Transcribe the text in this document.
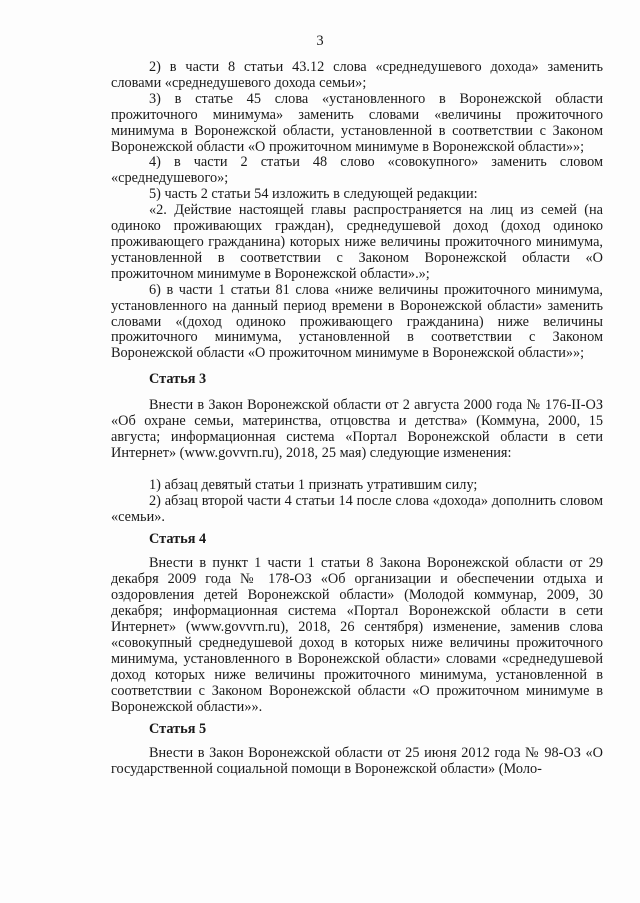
3

2) в части 8 статьи 43.12 слова «среднедушевого дохода» заменить словами «среднедушевого дохода семьи»;

3) в статье 45 слова «установленного в Воронежской области прожиточного минимума» заменить словами «величины прожиточного минимума в Воронежской области, установленной в соответствии с Законом Воронежской области «О прожиточном минимуме в Воронежской области»»;

4) в части 2 статьи 48 слово «совокупного» заменить словом «среднедушевого»;

5) часть 2 статьи 54 изложить в следующей редакции:

«2. Действие настоящей главы распространяется на лиц из семей (на одиноко проживающих граждан), среднедушевой доход (доход одиноко проживающего гражданина) которых ниже величины прожиточного минимума, установленной в соответствии с Законом Воронежской области «О прожиточном минимуме в Воронежской области».»;

6) в части 1 статьи 81 слова «ниже величины прожиточного минимума, установленного на данный период времени в Воронежской области» заменить словами «(доход одиноко проживающего гражданина) ниже величины прожиточного минимума, установленной в соответствии с Законом Воронежской области «О прожиточном минимуме в Воронежской области»»;

Статья 3

Внести в Закон Воронежской области от 2 августа 2000 года № 176-II-ОЗ «Об охране семьи, материнства, отцовства и детства» (Коммуна, 2000, 15 августа; информационная система «Портал Воронежской области в сети Интернет» (www.govvrn.ru), 2018, 25 мая) следующие изменения:

1) абзац девятый статьи 1 признать утратившим силу;

2) абзац второй части 4 статьи 14 после слова «дохода» дополнить словом «семьи».

Статья 4

Внести в пункт 1 части 1 статьи 8 Закона Воронежской области от 29 декабря 2009 года № 178-ОЗ «Об организации и обеспечении отдыха и оздоровления детей Воронежской области» (Молодой коммунар, 2009, 30 декабря; информационная система «Портал Воронежской области в сети Интернет» (www.govvrn.ru), 2018, 26 сентября) изменение, заменив слова «совокупный среднедушевой доход в которых ниже величины прожиточного минимума, установленного в Воронежской области» словами «среднедушевой доход которых ниже величины прожиточного минимума, установленной в соответствии с Законом Воронежской области «О прожиточном минимуме в Воронежской области»».

Статья 5

Внести в Закон Воронежской области от 25 июня 2012 года № 98-ОЗ «О государственной социальной помощи в Воронежской области» (Моло-
